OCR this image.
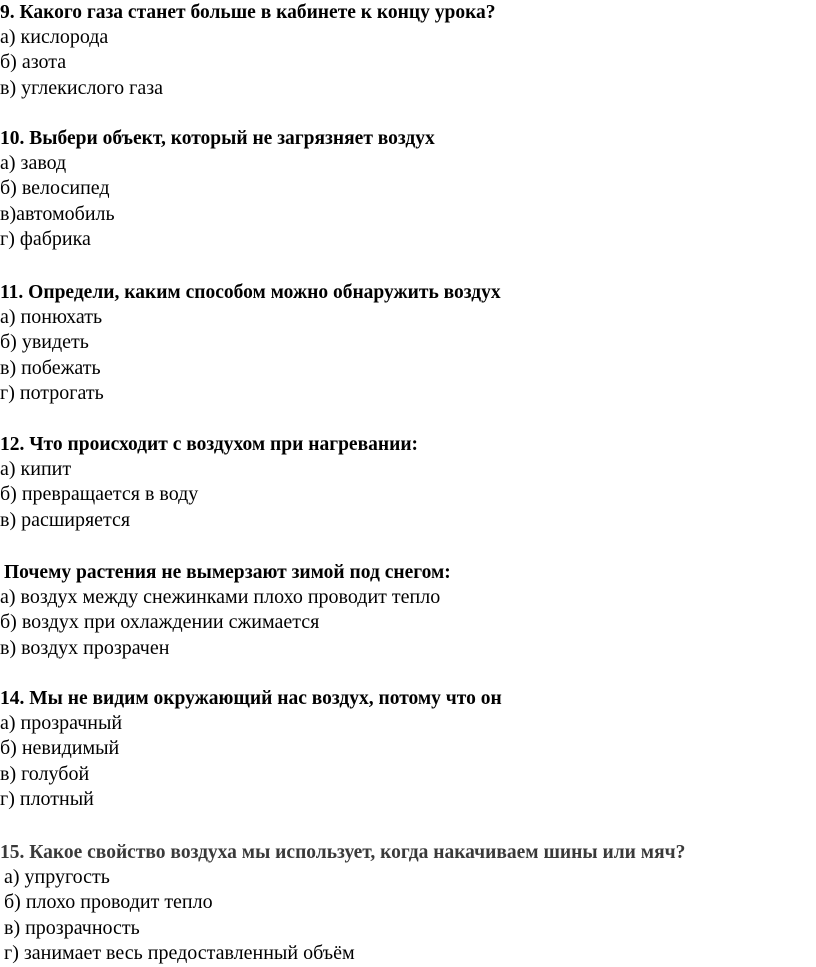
9. Какого газа станет больше в кабинете к концу урока?
а) кислорода
б) азота
в) углекислого газа
10. Выбери объект, который не загрязняет воздух
а) завод
б) велосипед
в)автомобиль
г) фабрика
11. Определи, каким способом можно обнаружить воздух
а) понюхать
б) увидеть
в) побежать
г) потрогать
12. Что происходит с воздухом при нагревании:
а) кипит
б) превращается в воду
в) расширяется
Почему растения не вымерзают зимой под снегом:
а) воздух между снежинками плохо проводит тепло
б) воздух при охлаждении сжимается
в) воздух прозрачен
14. Мы не видим окружающий нас воздух, потому что он
а) прозрачный
б) невидимый
в) голубой
г) плотный
15. Какое свойство воздуха мы использует, когда накачиваем шины или мяч?
а) упругость
б) плохо проводит тепло
в) прозрачность
г) занимает весь предоставленный объём
